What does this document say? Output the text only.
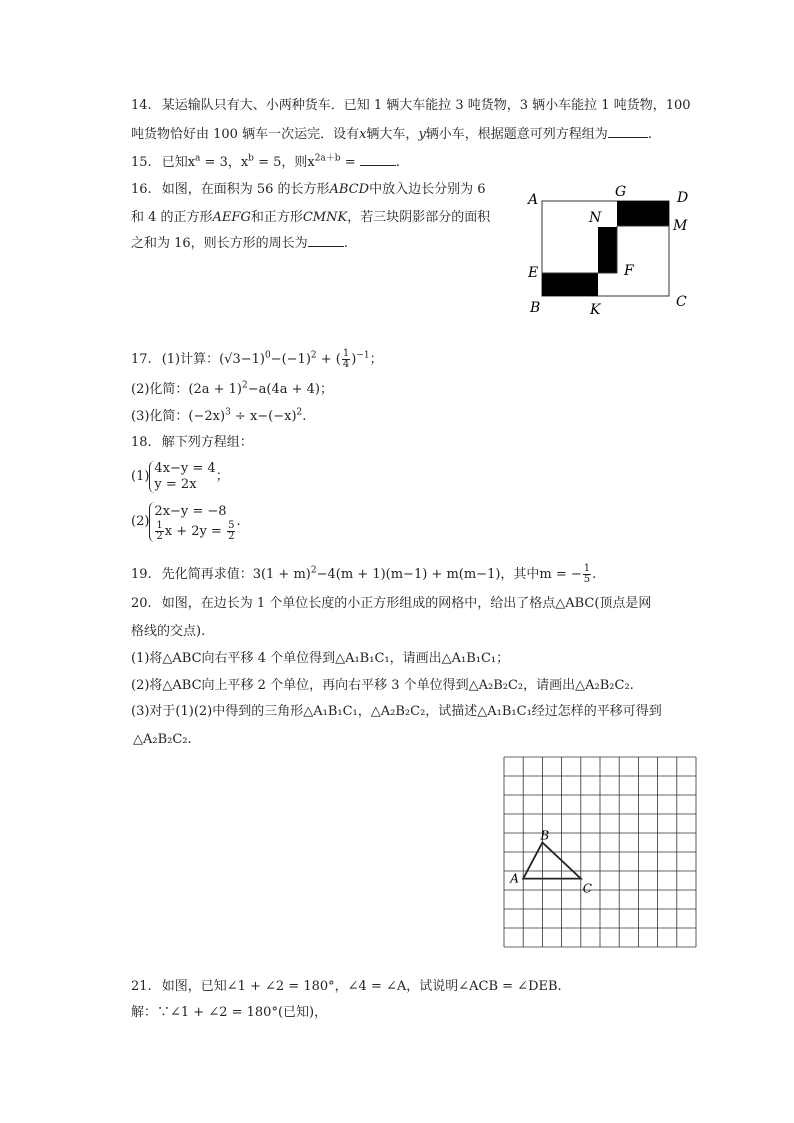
14. 某运输队只有大、小两种货车．已知 1 辆大车能拉 3 吨货物，3 辆小车能拉 1 吨货物，100
吨货物恰好由 100 辆车一次运完．设有x辆大车，y辆小车，根据题意可列方程组为	.
15. 已知$x^a = 3$，$x^b = 5$，则$x^{2a+b}$ =	.
16. 如图，在面积为 56 的长方形ABCD中放入边长分别为 6
和 4 的正方形AEFG和正方形CMNK，若三块阴影部分的面积
之和为 16，则长方形的周长为	.
A	G	D
N	M
E	F
B	K	C
17. (1)计算：$(√3-1)^0-(-1)^2$ + ( $\frac{1}{4} )^{-1}$；
(2)化简：$(2a + 1)^2-a(4a + 4)$；
(3)化简：$(-2x)^3 \div x-(-x)^2$.
18. 解下列方程组：
(1)4x−y = 4
y = 2x；
(2)2x−y = −8

$\frac{1}{2}$ $x + 2y = \frac{5}{2}$ .
19. 先化简再求值：$3(1 + m)^2-4(m + 1)(m-1) + m(m-1)$，其中m = − $\frac{1}{5}$ .
20. 如图，在边长为 1 个单位长度的小正方形组成的网格中，给出了格点△ABC(顶点是网
格线的交点).
(1)将△ABC向右平移 4 个单位得到△A₁B₁C₁，请画出△A₁B₁C₁；
(2)将△ABC向上平移 2 个单位，再向右平移 3 个单位得到△A₂B₂C₂，请画出△A₂B₂C₂.
(3)对于(1)(2)中得到的三角形△A₁B₁C₁，△A₂B₂C₂，试描述△A₁B₁C₁经过怎样的平移可得到
△A₂B₂C₂.
A
B
C
21. 如图，已知∠1 + ∠2 = 180°，∠4 = ∠A，试说明∠ACB = ∠DEB.
解：∵∠1 + ∠2 = 180°(已知)，
